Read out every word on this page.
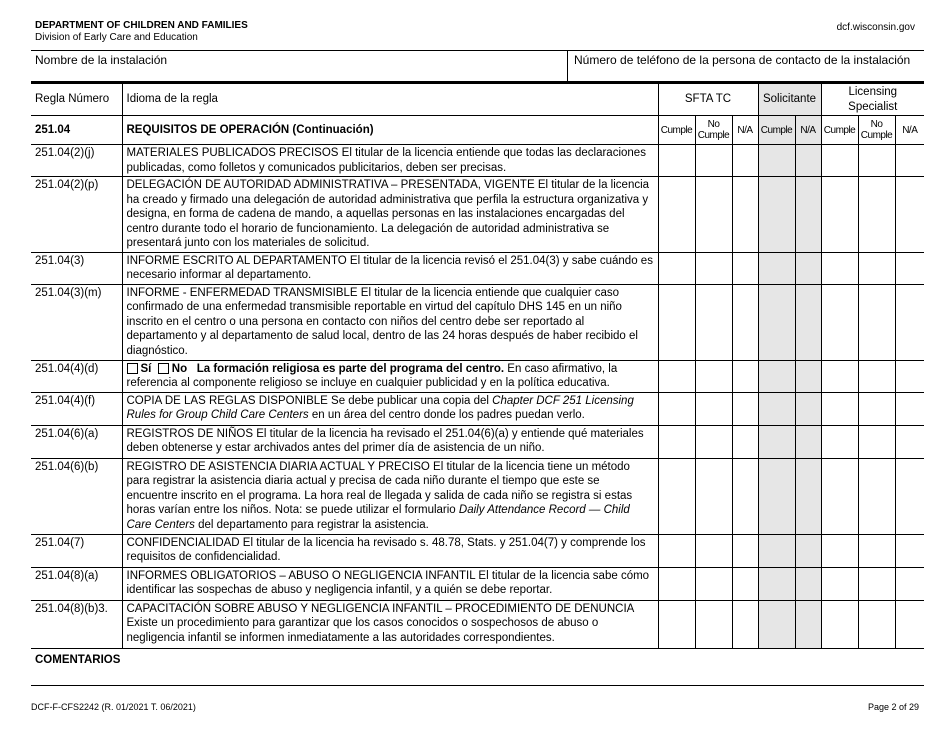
DEPARTMENT OF CHILDREN AND FAMILIES
Division of Early Care and Education
dcf.wisconsin.gov
Nombre de la instalación	Número de teléfono de la persona de contacto de la instalación
Regla Número	Idioma de la regla	SFTA TC			Solicitante		Licensing Specialist		
251.04	REQUISITOS DE OPERACIÓN (Continuación)	Cumple	No Cumple	N/A	Cumple	N/A	Cumple	No Cumple	N/A
251.04(2)(j)	MATERIALES PUBLICADOS PRECISOS El titular de la licencia entiende que todas las declaraciones publicadas, como folletos y comunicados publicitarios, deben ser precisas.								
251.04(2)(p)	DELEGACIÓN DE AUTORIDAD ADMINISTRATIVA – PRESENTADA, VIGENTE El titular de la licencia ha creado y firmado una delegación de autoridad administrativa que perfila la estructura organizativa y designa, en forma de cadena de mando, a aquellas personas en las instalaciones encargadas del centro durante todo el horario de funcionamiento. La delegación de autoridad administrativa se presentará junto con los materiales de solicitud.								
251.04(3)	INFORME ESCRITO AL DEPARTAMENTO El titular de la licencia revisó el 251.04(3) y sabe cuándo es necesario informar al departamento.								
251.04(3)(m)	INFORME - ENFERMEDAD TRANSMISIBLE El titular de la licencia entiende que cualquier caso confirmado de una enfermedad transmisible reportable en virtud del capítulo DHS 145 en un niño inscrito en el centro o una persona en contacto con niños del centro debe ser reportado al departamento y al departamento de salud local, dentro de las 24 horas después de haber recibido el diagnóstico.								
251.04(4)(d)	Sí No La formación religiosa es parte del programa del centro. En caso afirmativo, la referencia al componente religioso se incluye en cualquier publicidad y en la política educativa.								
251.04(4)(f)	COPIA DE LAS REGLAS DISPONIBLE Se debe publicar una copia del Chapter DCF 251 Licensing Rules for Group Child Care Centers en un área del centro donde los padres puedan verlo.								
251.04(6)(a)	REGISTROS DE NIÑOS El titular de la licencia ha revisado el 251.04(6)(a) y entiende qué materiales deben obtenerse y estar archivados antes del primer día de asistencia de un niño.								
251.04(6)(b)	REGISTRO DE ASISTENCIA DIARIA ACTUAL Y PRECISO El titular de la licencia tiene un método para registrar la asistencia diaria actual y precisa de cada niño durante el tiempo que este se encuentre inscrito en el programa. La hora real de llegada y salida de cada niño se registra si estas horas varían entre los niños. Nota: se puede utilizar el formulario Daily Attendance Record — Child Care Centers del departamento para registrar la asistencia.								
251.04(7)	CONFIDENCIALIDAD El titular de la licencia ha revisado s. 48.78, Stats. y 251.04(7) y comprende los requisitos de confidencialidad.								
251.04(8)(a)	INFORMES OBLIGATORIOS – ABUSO O NEGLIGENCIA INFANTIL El titular de la licencia sabe cómo identificar las sospechas de abuso y negligencia infantil, y a quién se debe reportar.								
251.04(8)(b)3.	CAPACITACIÓN SOBRE ABUSO Y NEGLIGENCIA INFANTIL – PROCEDIMIENTO DE DENUNCIA Existe un procedimiento para garantizar que los casos conocidos o sospechosos de abuso o negligencia infantil se informen inmediatamente a las autoridades correspondientes.								
COMENTARIOS
DCF-F-CFS2242 (R. 01/2021 T. 06/2021)	Page 2 of 29
